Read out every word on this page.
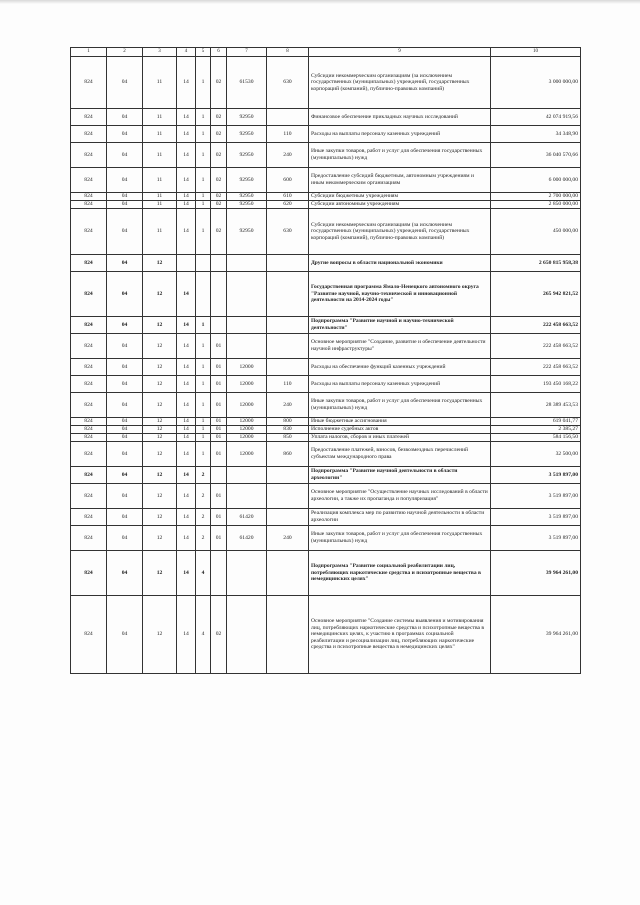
1	2	3	4	5	6	7	8	9	10
824	04	11	14	1	02	61530	630	Субсидии некоммерческим организациям (за исключением государственных (муниципальных) учреждений, государственных корпораций (компаний), публично-правовых компаний)	3 000 000,00
824	04	11	14	1	02	92950		Финансовое обеспечение прикладных научных исследований	42 074 919,56
824	04	11	14	1	02	92950	110	Расходы на выплаты персоналу казенных учреждений	34 348,90
824	04	11	14	1	02	92950	240	Иные закупки товаров, работ и услуг для обеспечения государственных (муниципальных) нужд	36 040 570,66
824	04	11	14	1	02	92950	600	Предоставление субсидий бюджетным, автономным учреждениям и иным некоммерческим организациям	6 000 000,00
824	04	11	14	1	02	92950	610	Субсидии бюджетным учреждениям	2 700 000,00
824	04	11	14	1	02	92950	620	Субсидии автономным учреждениям	2 850 000,00
824	04	11	14	1	02	92950	630	Субсидии некоммерческим организациям (за исключением государственных (муниципальных) учреждений, государственных корпораций (компаний), публично-правовых компаний)	450 000,00
824	04	12						Другие вопросы в области национальной экономики	2 650 815 958,38
824	04	12	14					Государственная программа Ямало-Ненецкого автономного округа "Развитие научной, научно-технической и инновационной деятельности на 2014-2024 годы"	265 942 821,52
824	04	12	14	1				Подпрограмма "Развитие научной и научно-технической деятельности"	222 458 663,52
824	04	12	14	1	01			Основное мероприятие "Создание, развитие и обеспечение деятельности научной инфраструктуры"	222 458 663,52
824	04	12	14	1	01	12000		Расходы на обеспечение функций казенных учреждений	222 458 663,52
824	04	12	14	1	01	12000	110	Расходы на выплаты персоналу казенных учреждений	193 450 168,22
824	04	12	14	1	01	12000	240	Иные закупки товаров, работ и услуг для обеспечения государственных (муниципальных) нужд	28 389 453,53
824	04	12	14	1	01	12000	800	Иные бюджетные ассигнования	619 041,77
824	04	12	14	1	01	12000	830	Исполнение судебных актов	2 385,27
824	04	12	14	1	01	12000	850	Уплата налогов, сборов и иных платежей	584 156,50
824	04	12	14	1	01	12000	860	Предоставление платежей, взносов, безвозмездных перечислений субъектам международного права	32 500,00
824	04	12	14	2				Подпрограмма "Развитие научной деятельности в области археологии"	3 519 897,00
824	04	12	14	2	01			Основное мероприятие "Осуществление научных исследований в области археологии, а также их пропаганда и популяризация"	3 519 897,00
824	04	12	14	2	01	61420		Реализация комплекса мер по развитию научной деятельности в области археологии	3 519 897,00
824	04	12	14	2	01	61420	240	Иные закупки товаров, работ и услуг для обеспечения государственных (муниципальных) нужд	3 519 897,00
824	04	12	14	4				Подпрограмма "Развитие социальной реабилитации лиц, потребляющих наркотические средства и психотропные вещества в немедицинских целях"	39 964 261,00
824	04	12	14	4	02			Основное мероприятие "Создание системы выявления и мотивирования лиц, потребляющих наркотические средства и психотропные вещества в немедицинских целях, к участию в программах социальной реабилитации и ресоциализации лиц, потребляющих наркотические средства и психотропные вещества в немедицинских целях"	39 964 261,00
